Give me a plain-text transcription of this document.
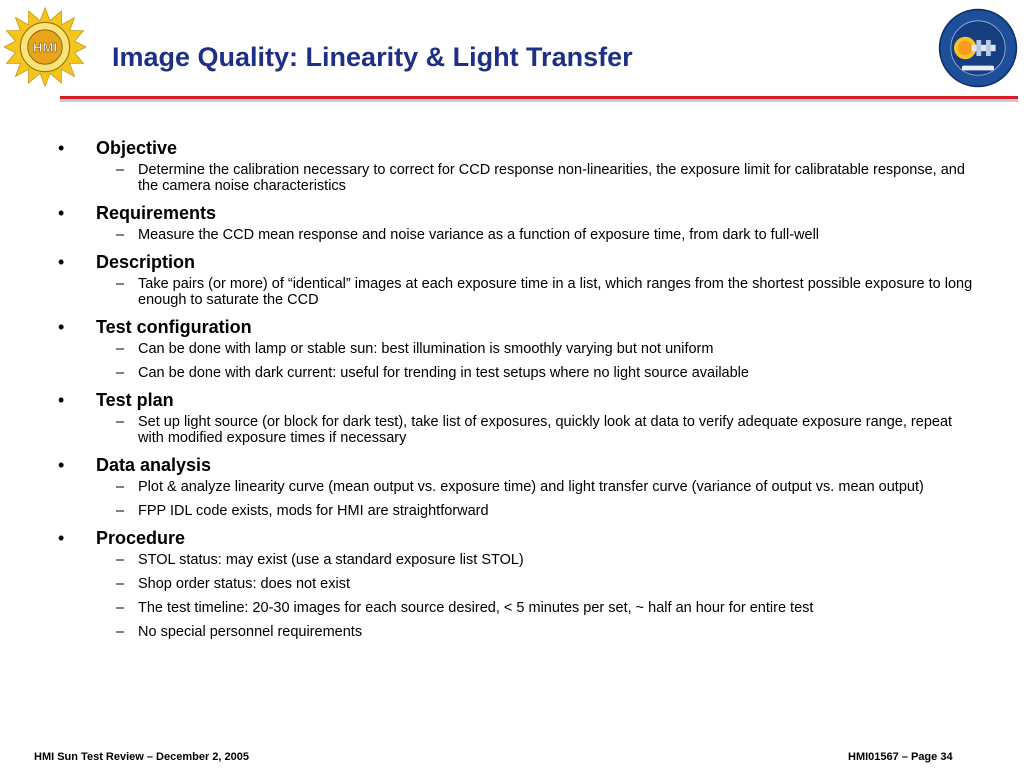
HMI Image Quality: Linearity & Light Transfer
• Objective
– Determine the calibration necessary to correct for CCD response non-linearities, the exposure limit for calibratable response, and the camera noise characteristics
• Requirements
– Measure the CCD mean response and noise variance as a function of exposure time, from dark to full-well
• Description
– Take pairs (or more) of “identical” images at each exposure time in a list, which ranges from the shortest possible exposure to long enough to saturate the CCD
• Test configuration
– Can be done with lamp or stable sun: best illumination is smoothly varying but not uniform
– Can be done with dark current: useful for trending in test setups where no light source available
• Test plan
– Set up light source (or block for dark test), take list of exposures, quickly look at data to verify adequate exposure range, repeat with modified exposure times if necessary
• Data analysis
– Plot & analyze linearity curve (mean output vs. exposure time) and light transfer curve (variance of output vs. mean output)
– FPP IDL code exists, mods for HMI are straightforward
• Procedure
– STOL status: may exist (use a standard exposure list STOL)
– Shop order status: does not exist
– The test timeline: 20-30 images for each source desired, < 5 minutes per set, ~ half an hour for entire test
– No special personnel requirements
HMI Sun Test Review – December 2, 2005	HMI01567 – Page 34
